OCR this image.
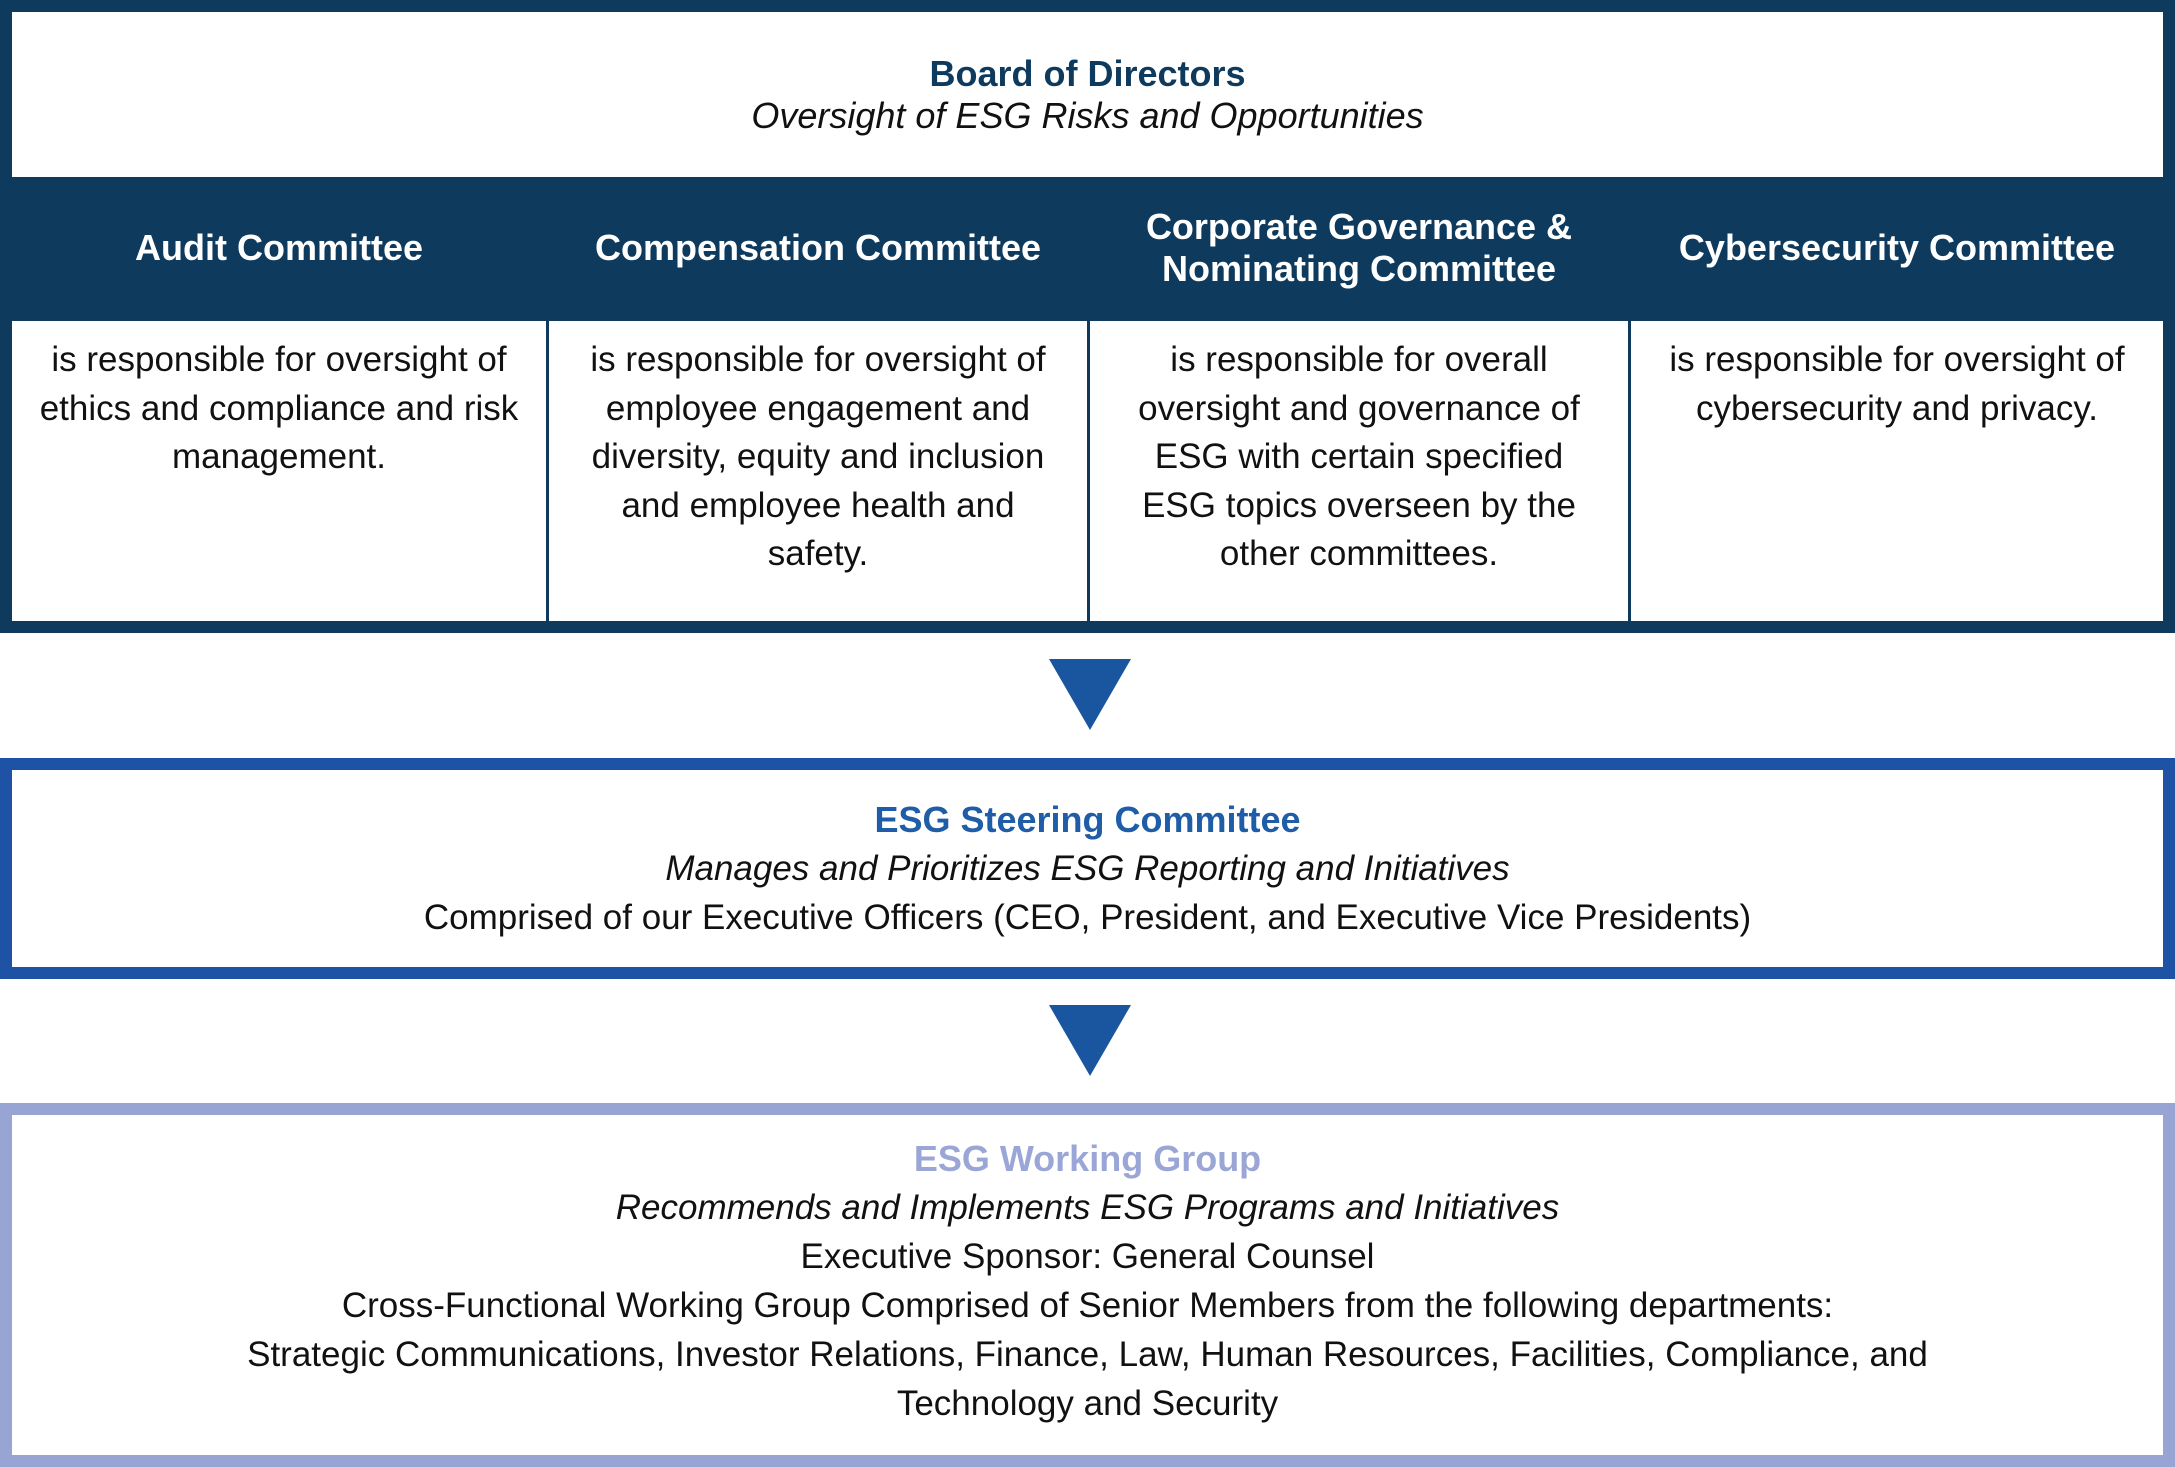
Board of Directors
Oversight of ESG Risks and Opportunities
Audit Committee	Compensation Committee
Corporate Governance & Nominating Committee
Cybersecurity Committee
is responsible for oversight of ethics and compliance and risk management.
is responsible for oversight of employee engagement and diversity, equity and inclusion and employee health and safety.
is responsible for overall oversight and governance of ESG with certain specified ESG topics overseen by the other committees.
is responsible for oversight of cybersecurity and privacy.
ESG Steering Committee
Manages and Prioritizes ESG Reporting and Initiatives
Comprised of our Executive Officers (CEO, President, and Executive Vice Presidents)
ESG Working Group
Recommends and Implements ESG Programs and Initiatives
Executive Sponsor: General Counsel
Cross-Functional Working Group Comprised of Senior Members from the following departments:
Strategic Communications, Investor Relations, Finance, Law, Human Resources, Facilities, Compliance, and Technology and Security
